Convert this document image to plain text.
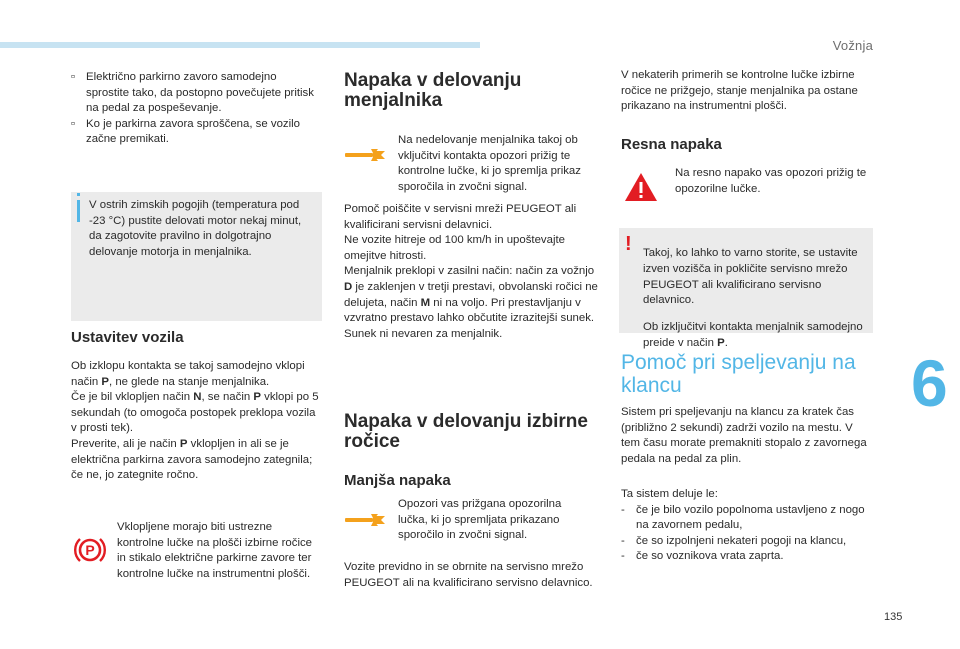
Vožnja
6
135
▫ Električno parkirno zavoro samodejno sprostite tako, da postopno povečujete pritisk na pedal za pospeševanje.
▫ Ko je parkirna zavora sproščena, se vozilo začne premikati.
V ostrih zimskih pogojih (temperatura pod -23 °C) pustite delovati motor nekaj minut, da zagotovite pravilno in dolgotrajno delovanje motorja in menjalnika.
Ustavitev vozila

Ob izklopu kontakta se takoj samodejno vklopi način P, ne glede na stanje menjalnika.

Če je bil vklopljen način N, se način P vklopi po 5 sekundah (to omogoča postopek preklopa vozila v prosti tek).

Preverite, ali je način P vklopljen in ali se je električna parkirna zavora samodejno zategnila; če ne, jo zategnite ročno.

P
Vklopljene morajo biti ustrezne kontrolne lučke na plošči izbirne ročice in stikalo električne parkirne zavore ter kontrolne lučke na instrumentni plošči.
Napaka v delovanju menjalnika
Na nedelovanje menjalnika takoj ob vključitvi kontakta opozori prižig te kontrolne lučke, ki jo spremlja prikaz sporočila in zvočni signal.

Pomoč poiščite v servisni mreži PEUGEOT ali kvalificirani servisni delavnici.

Ne vozite hitreje od 100 km/h in upoštevajte omejitve hitrosti.

Menjalnik preklopi v zasilni način: način za vožnjo D je zaklenjen v tretji prestavi, obvolanski ročici ne delujeta, način M ni na voljo. Pri prestavljanju v vzvratno prestavo lahko občutite izrazitejši sunek. Sunek ni nevaren za menjalnik.

Napaka v delovanju izbirne ročice
Manjša napaka
Opozori vas prižgana opozorilna lučka, ki jo spremljata prikazano sporočilo in zvočni signal.
Vozite previdno in se obrnite na servisno mrežo PEUGEOT ali na kvalificirano servisno delavnico.
V nekaterih primerih se kontrolne lučke izbirne ročice ne prižgejo, stanje menjalnika pa ostane prikazano na instrumentni plošči.
Resna napaka
Na resno napako vas opozori prižig te opozorilne lučke.
! Takoj, ko lahko to varno storite, se ustavite izven vozišča in pokličite servisno mrežo PEUGEOT ali kvalificirano servisno delavnico.

Ob izključitvi kontakta menjalnik samodejno preide v način P.

Pomoč pri speljevanju na klancu
Sistem pri speljevanju na klancu za kratek čas (približno 2 sekundi) zadrži vozilo na mestu. V tem času morate premakniti stopalo z zavornega pedala na pedal za plin.

Ta sistem deluje le:

- če je bilo vozilo popolnoma ustavljeno z nogo na zavornem pedalu,
- če so izpolnjeni nekateri pogoji na klancu,
- če so voznikova vrata zaprta.
